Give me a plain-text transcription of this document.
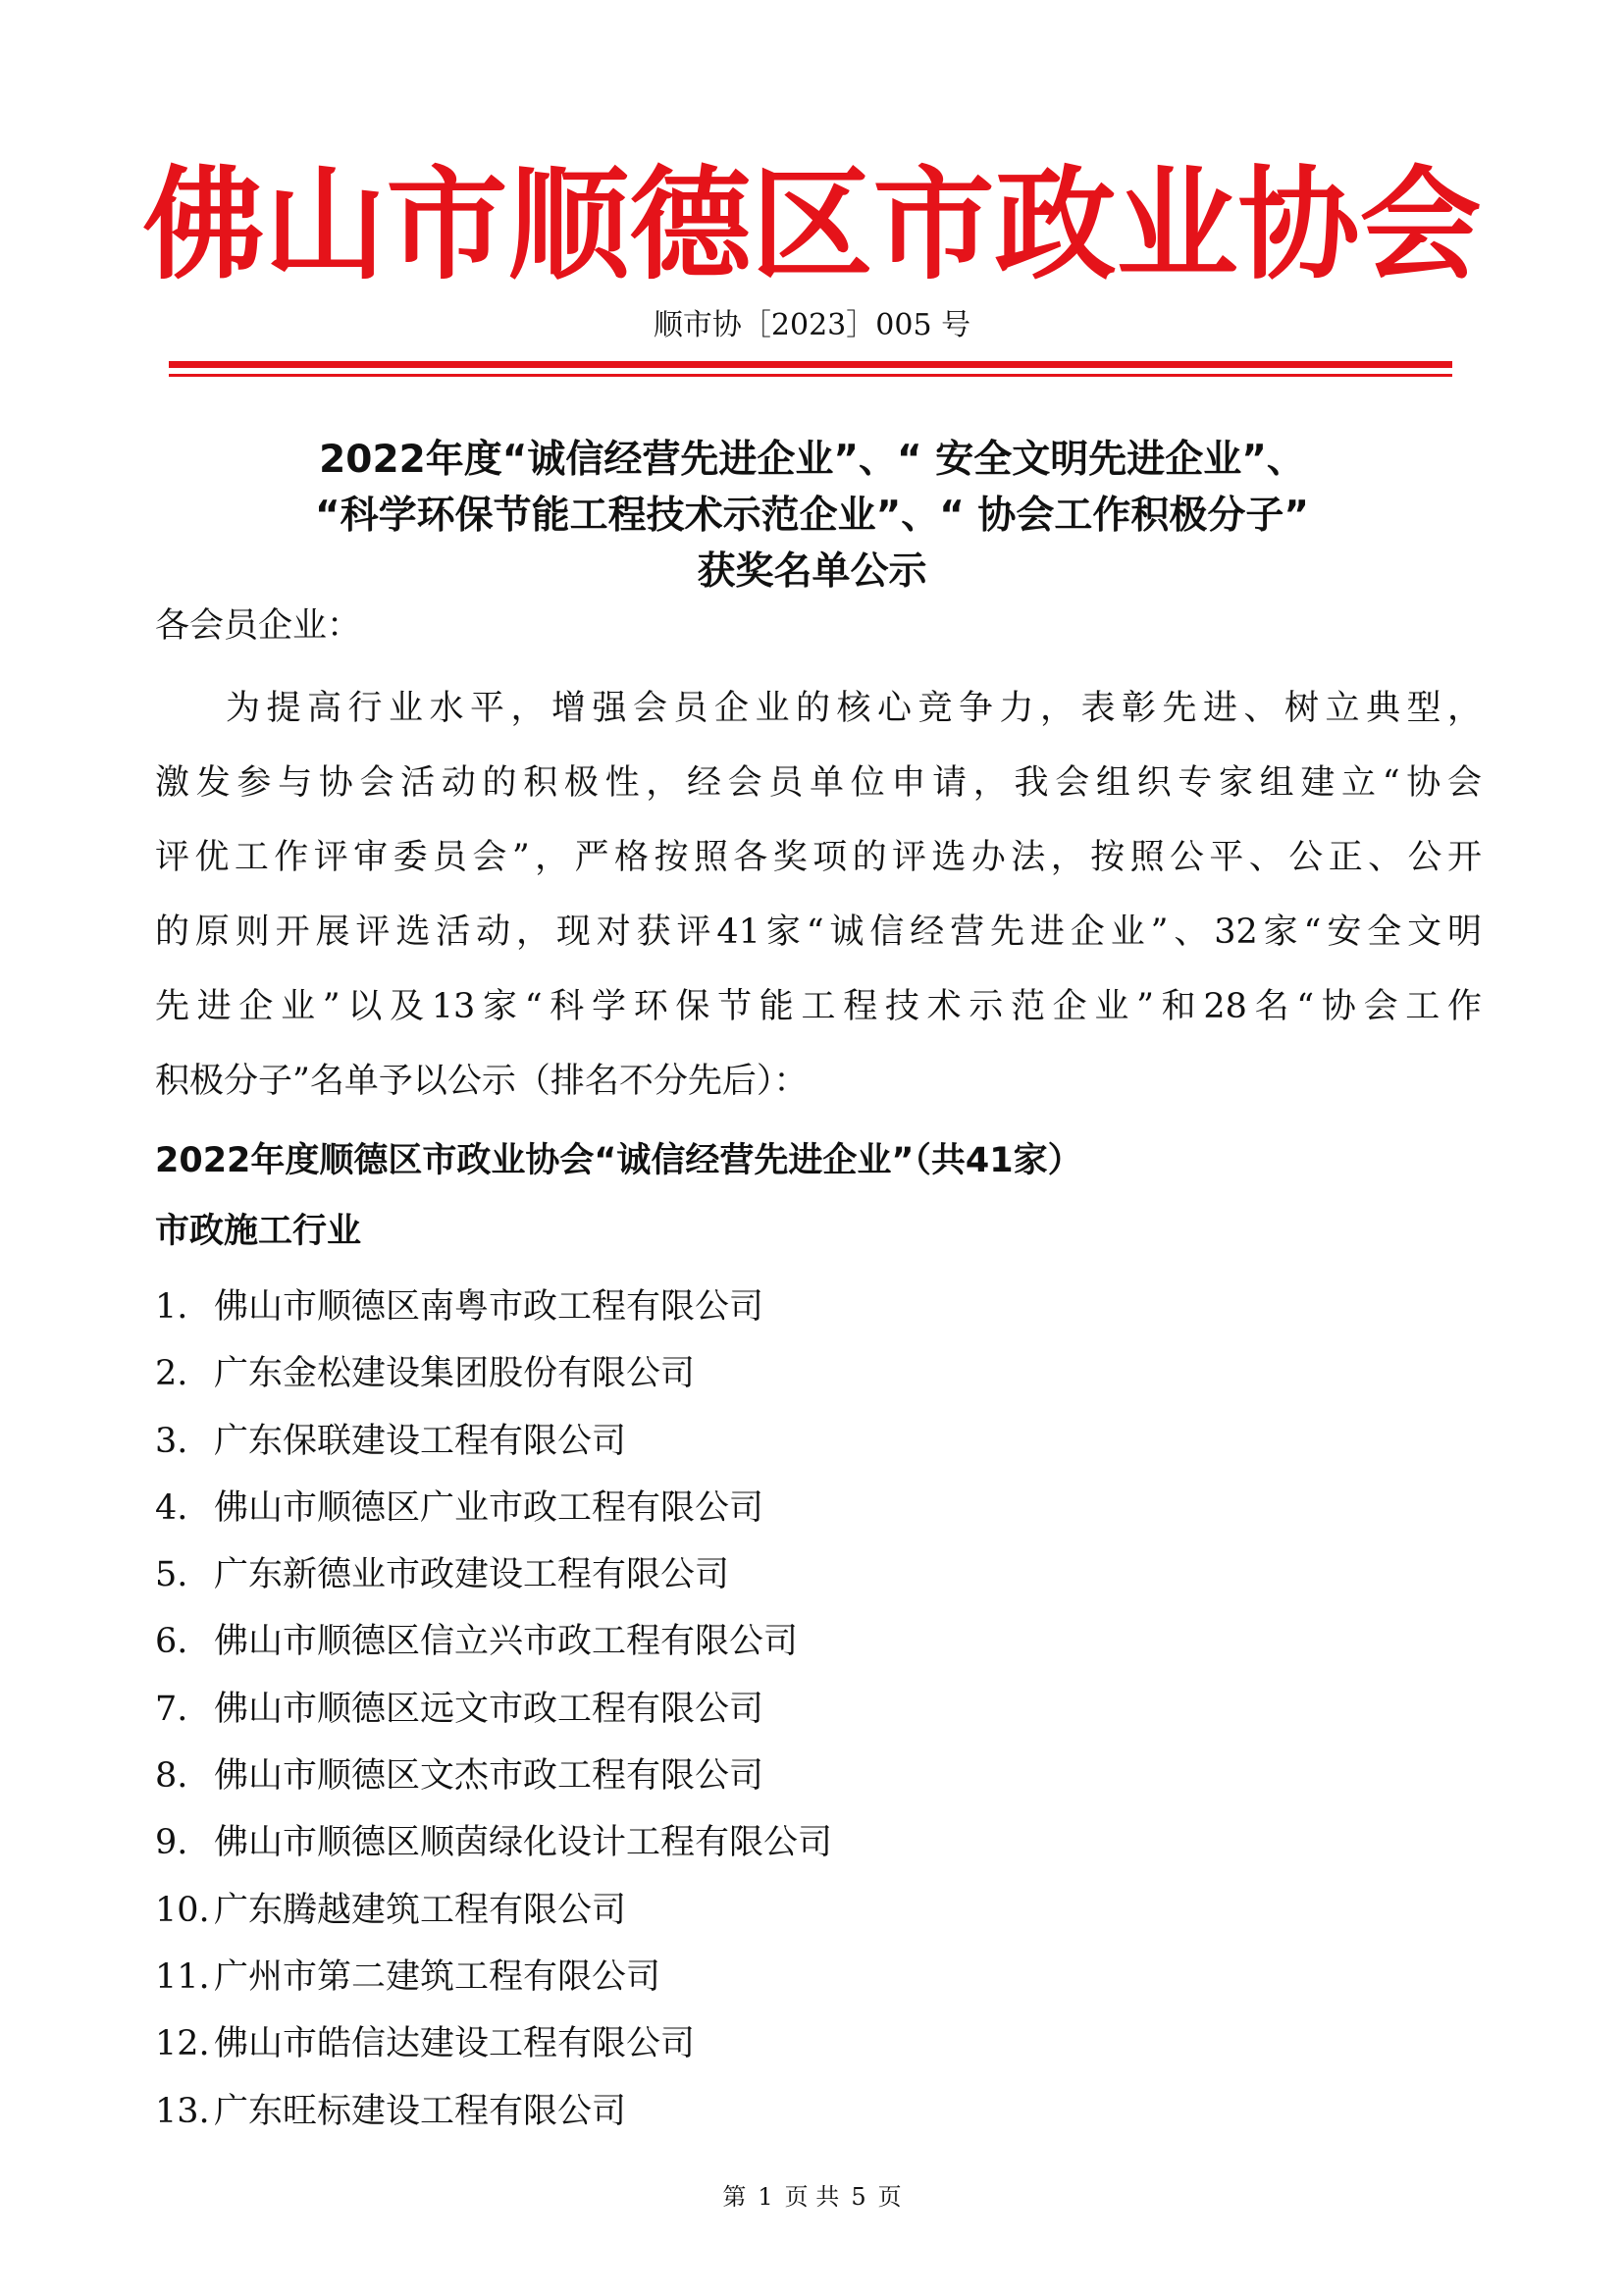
佛山市顺德区市政业协会
顺市协［2023］005 号
2022年度“诚信经营先进企业”、“ 安全文明先进企业”、
“科学环保节能工程技术示范企业”、“ 协会工作积极分子”
获奖名单公示
各会员企业：
为提高行业水平，增强会员企业的核心竞争力，表彰先进、树立典型，
激发参与协会活动的积极性，经会员单位申请，我会组织专家组建立“协会
评优工作评审委员会”，严格按照各奖项的评选办法，按照公平、公正、公开
的原则开展评选活动，现对获评41家“诚信经营先进企业”、32家“安全文明
先进企业”以及13家“科学环保节能工程技术示范企业”和28名“协会工作
积极分子”名单予以公示（排名不分先后）：
2022年度顺德区市政业协会“诚信经营先进企业”（共41家）
市政施工行业
1. 佛山市顺德区南粤市政工程有限公司
2. 广东金松建设集团股份有限公司
3. 广东保联建设工程有限公司
4. 佛山市顺德区广业市政工程有限公司
5. 广东新德业市政建设工程有限公司
6. 佛山市顺德区信立兴市政工程有限公司
7. 佛山市顺德区远文市政工程有限公司
8. 佛山市顺德区文杰市政工程有限公司
9. 佛山市顺德区顺茵绿化设计工程有限公司
10. 广东腾越建筑工程有限公司
11. 广州市第二建筑工程有限公司
12. 佛山市皓信达建设工程有限公司
13. 广东旺标建设工程有限公司
第 1 页 共 5 页
